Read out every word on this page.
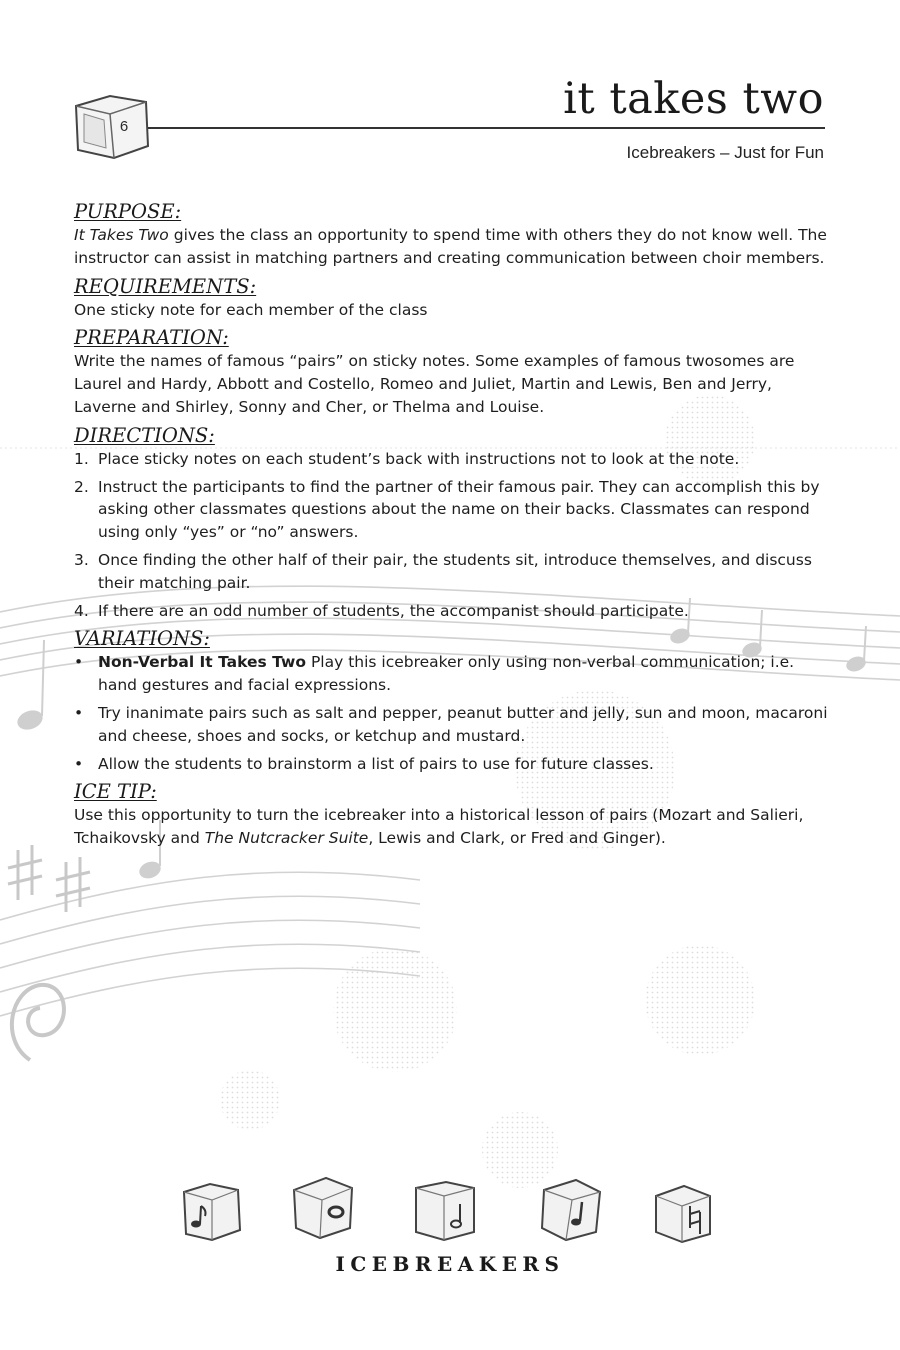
6
it takes two
Icebreakers – Just for Fun
PURPOSE:

It Takes Two gives the class an opportunity to spend time with others they do not know well. The instructor can assist in matching partners and creating communication between choir members.

REQUIREMENTS:

One sticky note for each member of the class

PREPARATION:

Write the names of famous “pairs” on sticky notes. Some examples of famous twosomes are Laurel and Hardy, Abbott and Costello, Romeo and Juliet, Martin and Lewis, Ben and Jerry, Laverne and Shirley, Sonny and Cher, or Thelma and Louise.

DIRECTIONS:
1. Place sticky notes on each student’s back with instructions not to look at the note.
2. Instruct the participants to find the partner of their famous pair. They can accomplish this by asking other classmates questions about the name on their backs. Classmates can respond using only “yes” or “no” answers.
3. Once finding the other half of their pair, the students sit, introduce themselves, and discuss their matching pair.
4. If there are an odd number of students, the accompanist should participate.
VARIATIONS:
• Non-Verbal It Takes Two Play this icebreaker only using non-verbal communication; i.e. hand gestures and facial expressions.
• Try inanimate pairs such as salt and pepper, peanut butter and jelly, sun and moon, macaroni and cheese, shoes and socks, or ketchup and mustard.
• Allow the students to brainstorm a list of pairs to use for future classes.
ICE TIP:

Use this opportunity to turn the icebreaker into a historical lesson of pairs (Mozart and Salieri, Tchaikovsky and The Nutcracker Suite, Lewis and Clark, or Fred and Ginger).

ICEBREAKERS
